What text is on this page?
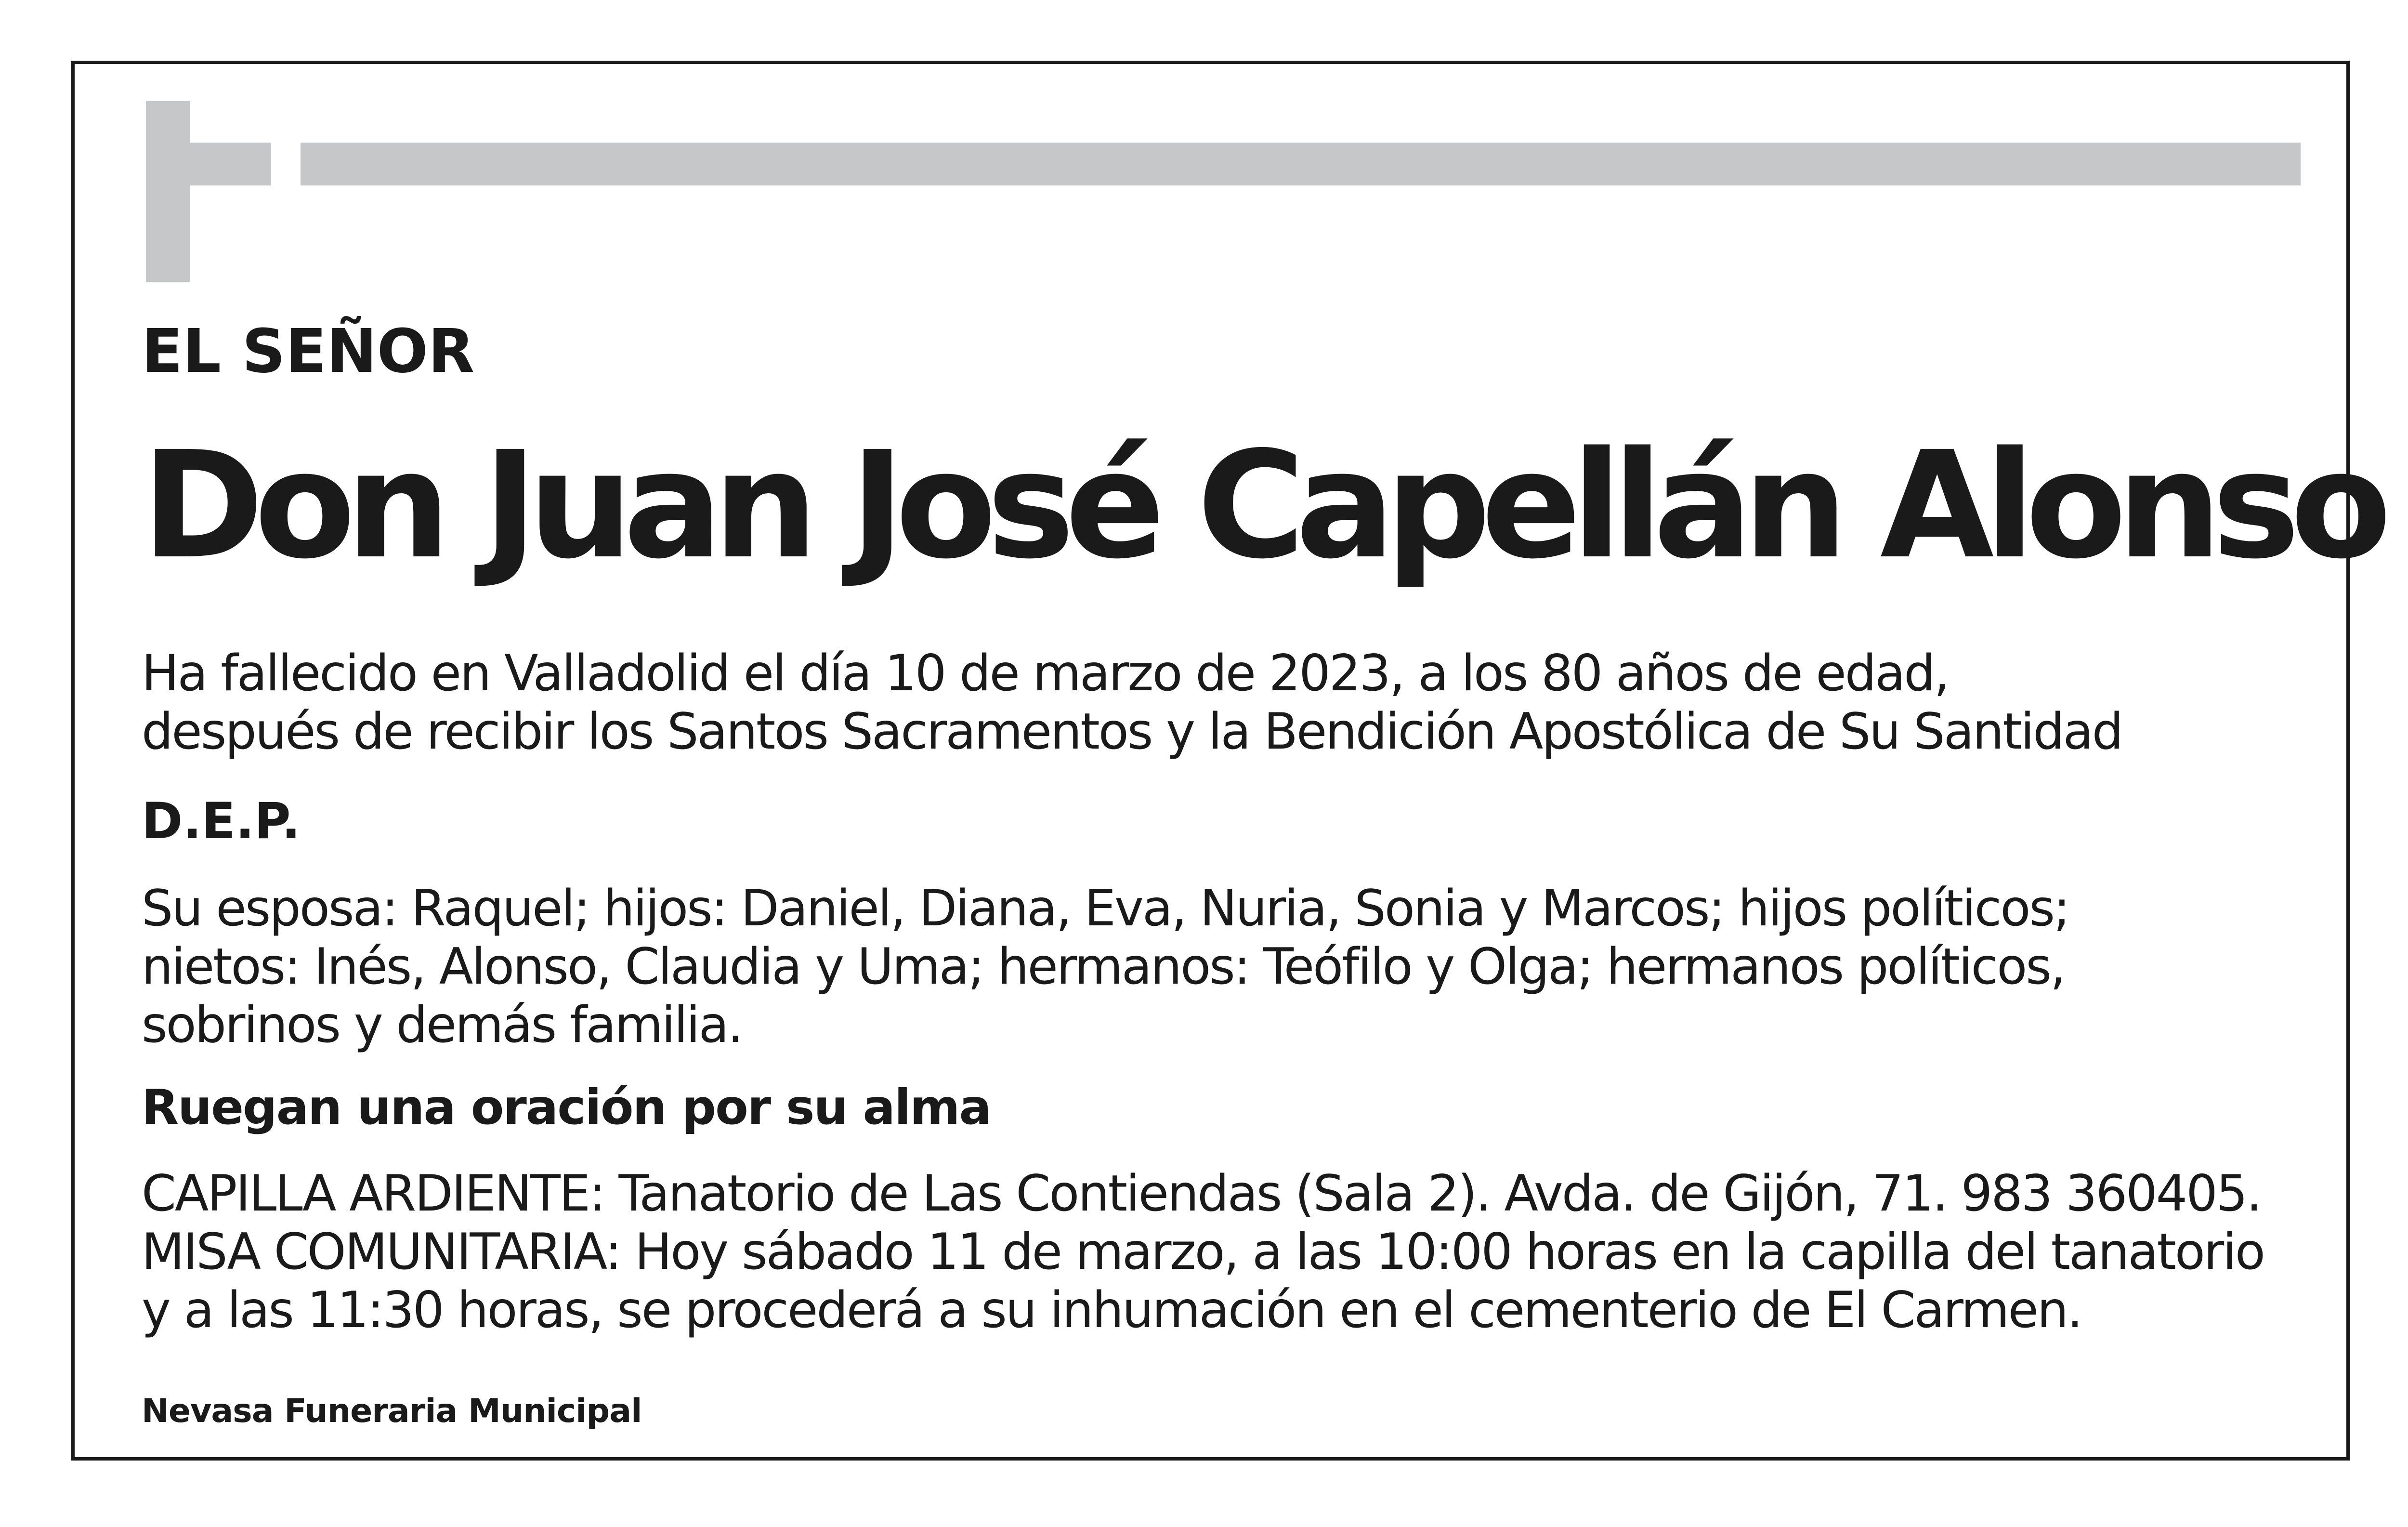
EL SEÑOR

Don Juan José Capellán Alonso
Ha fallecido en Valladolid el día 10 de marzo de 2023, a los 80 años de edad,
después de recibir los Santos Sacramentos y la Bendición Apostólica de Su Santidad

D.E.P.

Su esposa: Raquel; hijos: Daniel, Diana, Eva, Nuria, Sonia y Marcos; hijos políticos;
nietos: Inés, Alonso, Claudia y Uma; hermanos: Teófilo y Olga; hermanos políticos,
sobrinos y demás familia.

Ruegan una oración por su alma

CAPILLA ARDIENTE: Tanatorio de Las Contiendas (Sala 2). Avda. de Gijón, 71. 983 360405.
MISA COMUNITARIA: Hoy sábado 11 de marzo, a las 10:00 horas en la capilla del tanatorio
y a las 11:30 horas, se procederá a su inhumación en el cementerio de El Carmen.

Nevasa Funeraria Municipal
